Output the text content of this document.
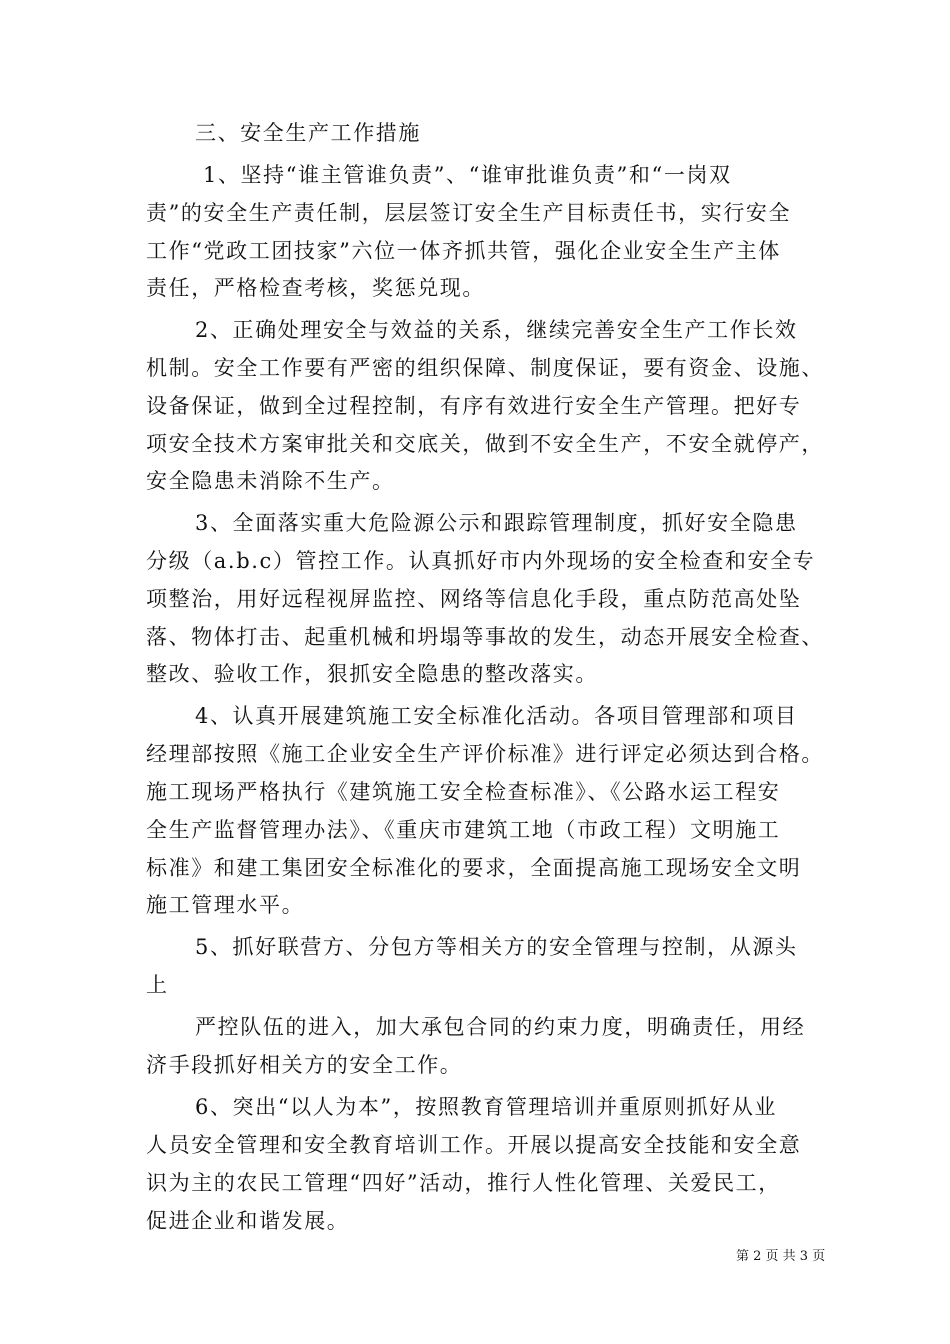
三、安全生产工作措施
1、坚持“谁主管谁负责”、“谁审批谁负责”和“一岗双
责”的安全生产责任制，层层签订安全生产目标责任书，实行安全
工作“党政工团技家”六位一体齐抓共管，强化企业安全生产主体
责任，严格检查考核，奖惩兑现。
2、正确处理安全与效益的关系，继续完善安全生产工作长效
机制。安全工作要有严密的组织保障、制度保证，要有资金、设施、
设备保证，做到全过程控制，有序有效进行安全生产管理。把好专
项安全技术方案审批关和交底关，做到不安全生产，不安全就停产，
安全隐患未消除不生产。
3、全面落实重大危险源公示和跟踪管理制度，抓好安全隐患
分级（a.b.c）管控工作。认真抓好市内外现场的安全检查和安全专
项整治，用好远程视屏监控、网络等信息化手段，重点防范高处坠
落、物体打击、起重机械和坍塌等事故的发生，动态开展安全检查、
整改、验收工作，狠抓安全隐患的整改落实。
4、认真开展建筑施工安全标准化活动。各项目管理部和项目
经理部按照《施工企业安全生产评价标准》进行评定必须达到合格。
施工现场严格执行《建筑施工安全检查标准》、《公路水运工程安
全生产监督管理办法》、《重庆市建筑工地（市政工程）文明施工
标准》和建工集团安全标准化的要求，全面提高施工现场安全文明
施工管理水平。
5、抓好联营方、分包方等相关方的安全管理与控制，从源头
上
严控队伍的进入，加大承包合同的约束力度，明确责任，用经
济手段抓好相关方的安全工作。
6、突出“以人为本”，按照教育管理培训并重原则抓好从业
人员安全管理和安全教育培训工作。开展以提高安全技能和安全意
识为主的农民工管理“四好”活动，推行人性化管理、关爱民工，
促进企业和谐发展。
第 2 页 共 3 页
